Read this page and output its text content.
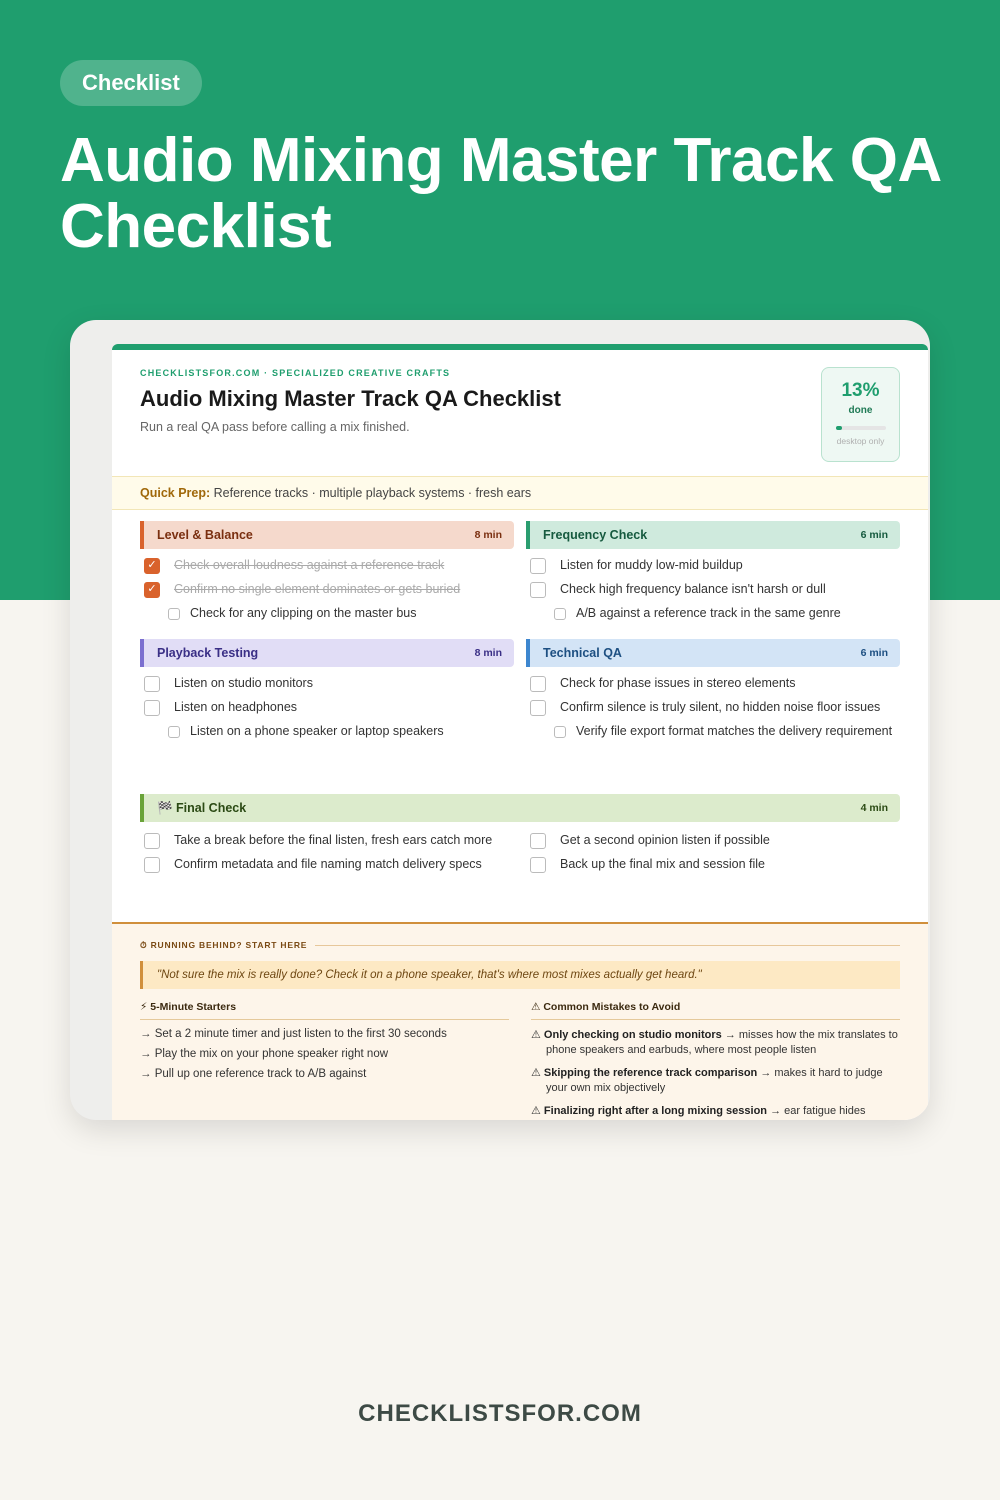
Checklist
Audio Mixing Master Track QA Checklist
CHECKLISTSFOR.COM · SPECIALIZED CREATIVE CRAFTS
Audio Mixing Master Track QA Checklist
Run a real QA pass before calling a mix finished.
13%
done
desktop only
Quick Prep: Reference tracks · multiple playback systems · fresh ears
Level & Balance	8 min
✓ Check overall loudness against a reference track
✓ Confirm no single element dominates or gets buried
Check for any clipping on the master bus
Frequency Check	6 min
Listen for muddy low-mid buildup
Check high frequency balance isn't harsh or dull
A/B against a reference track in the same genre
Playback Testing	8 min
Listen on studio monitors
Listen on headphones
Listen on a phone speaker or laptop speakers
Technical QA	6 min
Check for phase issues in stereo elements
Confirm silence is truly silent, no hidden noise floor issues
Verify file export format matches the delivery requirement
🏁 Final Check	4 min
Take a break before the final listen, fresh ears catch more	Get a second opinion listen if possible
Confirm metadata and file naming match delivery specs	Back up the final mix and session file
⏱ RUNNING BEHIND? START HERE
"Not sure the mix is really done? Check it on a phone speaker, that's where most mixes actually get heard."
⚡ 5-Minute Starters
→ Set a 2 minute timer and just listen to the first 30 seconds
→ Play the mix on your phone speaker right now
→ Pull up one reference track to A/B against
⚠ Common Mistakes to Avoid
⚠ Only checking on studio monitors → misses how the mix translates to phone speakers and earbuds, where most people listen
⚠ Skipping the reference track comparison → makes it hard to judge your own mix objectively
⚠ Finalizing right after a long mixing session → ear fatigue hides
CHECKLISTSFOR.COM
